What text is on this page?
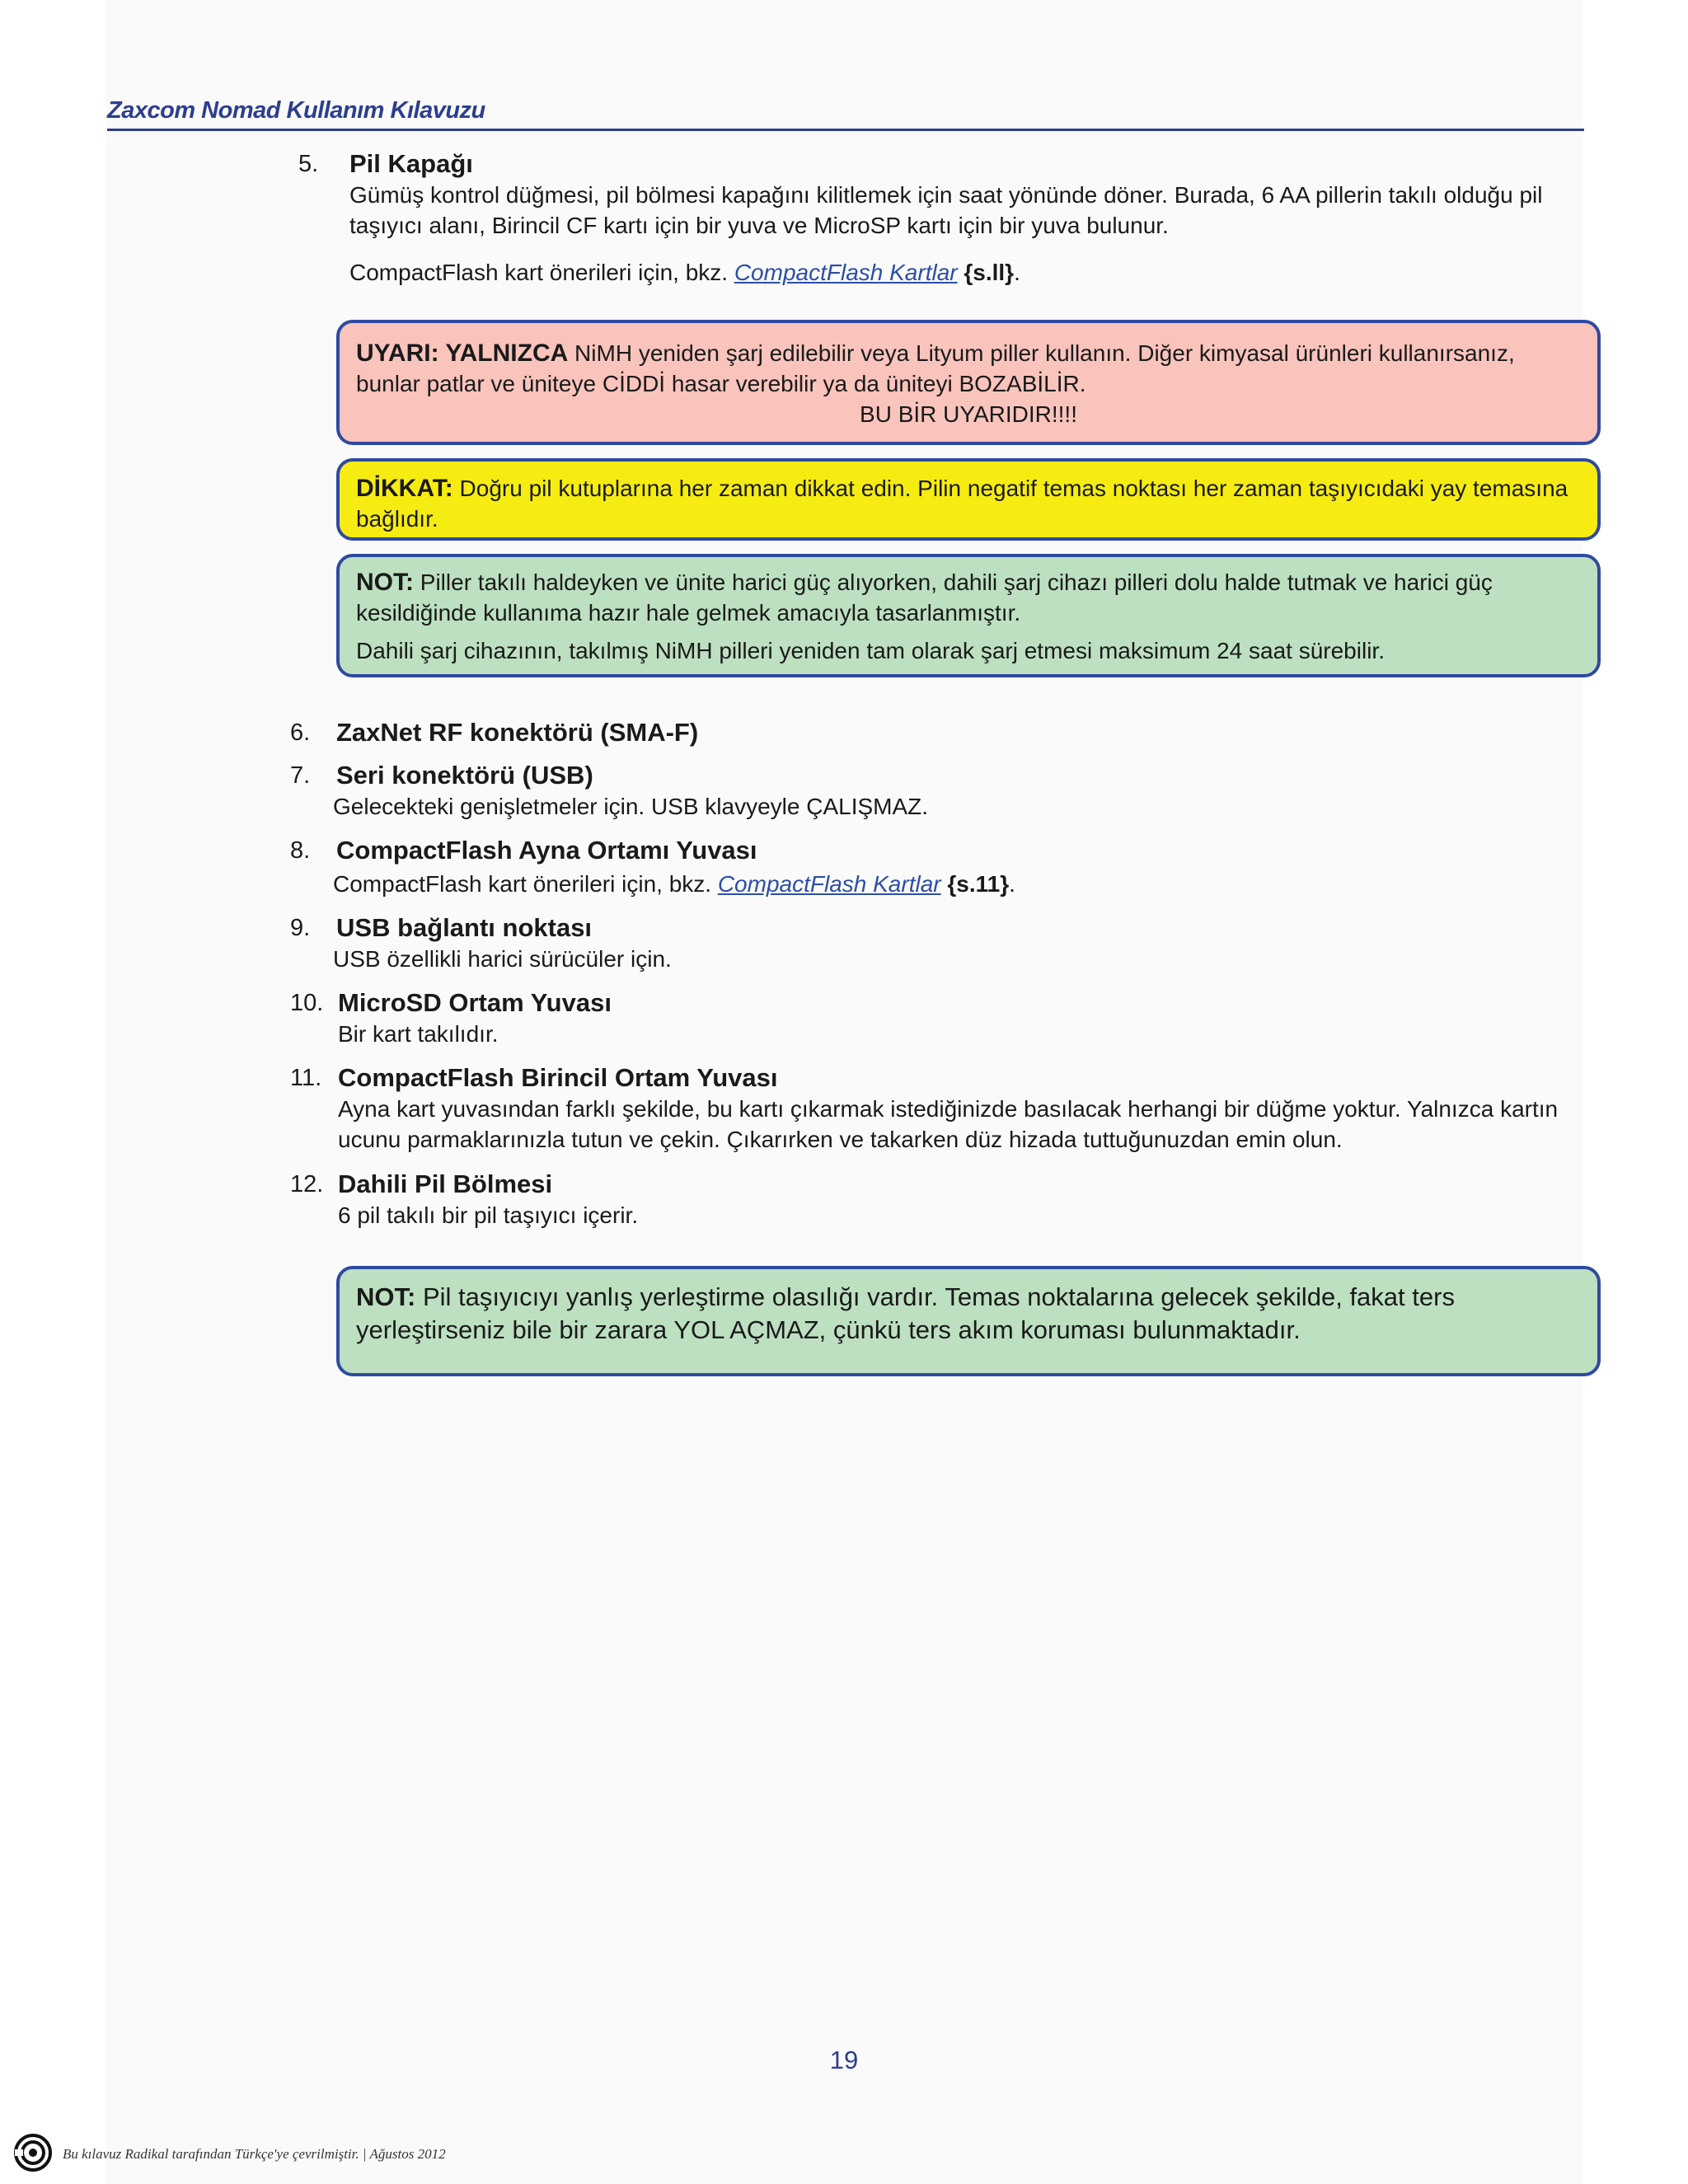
Zaxcom Nomad Kullanım Kılavuzu
5. Pil Kapağı
Gümüş kontrol düğmesi, pil bölmesi kapağını kilitlemek için saat yönünde döner. Burada, 6 AA pillerin takılı olduğu pil taşıyıcı alanı, Birincil CF kartı için bir yuva ve MicroSP kartı için bir yuva bulunur.
CompactFlash kart önerileri için, bkz. CompactFlash Kartlar {s.ll}.
UYARI: YALNIZCA NiMH yeniden şarj edilebilir veya Lityum piller kullanın. Diğer kimyasal ürünleri kullanırsanız, bunlar patlar ve üniteye CİDDİ hasar verebilir ya da üniteyi BOZABİLİR.
BU BİR UYARIDIR!!!!
DİKKAT: Doğru pil kutuplarına her zaman dikkat edin. Pilin negatif temas noktası her zaman taşıyıcıdaki yay temasına bağlıdır.
NOT: Piller takılı haldeyken ve ünite harici güç alıyorken, dahili şarj cihazı pilleri dolu halde tutmak ve harici güç kesildiğinde kullanıma hazır hale gelmek amacıyla tasarlanmıştır.
Dahili şarj cihazının, takılmış NiMH pilleri yeniden tam olarak şarj etmesi maksimum 24 saat sürebilir.
6. ZaxNet RF konektörü (SMA-F)
7. Seri konektörü (USB)
Gelecekteki genişletmeler için. USB klavyeyle ÇALIŞMAZ.
8. CompactFlash Ayna Ortamı Yuvası
CompactFlash kart önerileri için, bkz. CompactFlash Kartlar {s.11}.
9. USB bağlantı noktası
USB özellikli harici sürücüler için.
10. MicroSD Ortam Yuvası
Bir kart takılıdır.
11. CompactFlash Birincil Ortam Yuvası
Ayna kart yuvasından farklı şekilde, bu kartı çıkarmak istediğinizde basılacak herhangi bir düğme yoktur. Yalnızca kartın ucunu parmaklarınızla tutun ve çekin. Çıkarırken ve takarken düz hizada tuttuğunuzdan emin olun.
12. Dahili Pil Bölmesi
6 pil takılı bir pil taşıyıcı içerir.
NOT: Pil taşıyıcıyı yanlış yerleştirme olasılığı vardır. Temas noktalarına gelecek şekilde, fakat ters yerleştirseniz bile bir zarara YOL AÇMAZ, çünkü ters akım koruması bulunmaktadır.
19
Bu kılavuz Radikal tarafından Türkçe'ye çevrilmiştir. | Ağustos 2012
